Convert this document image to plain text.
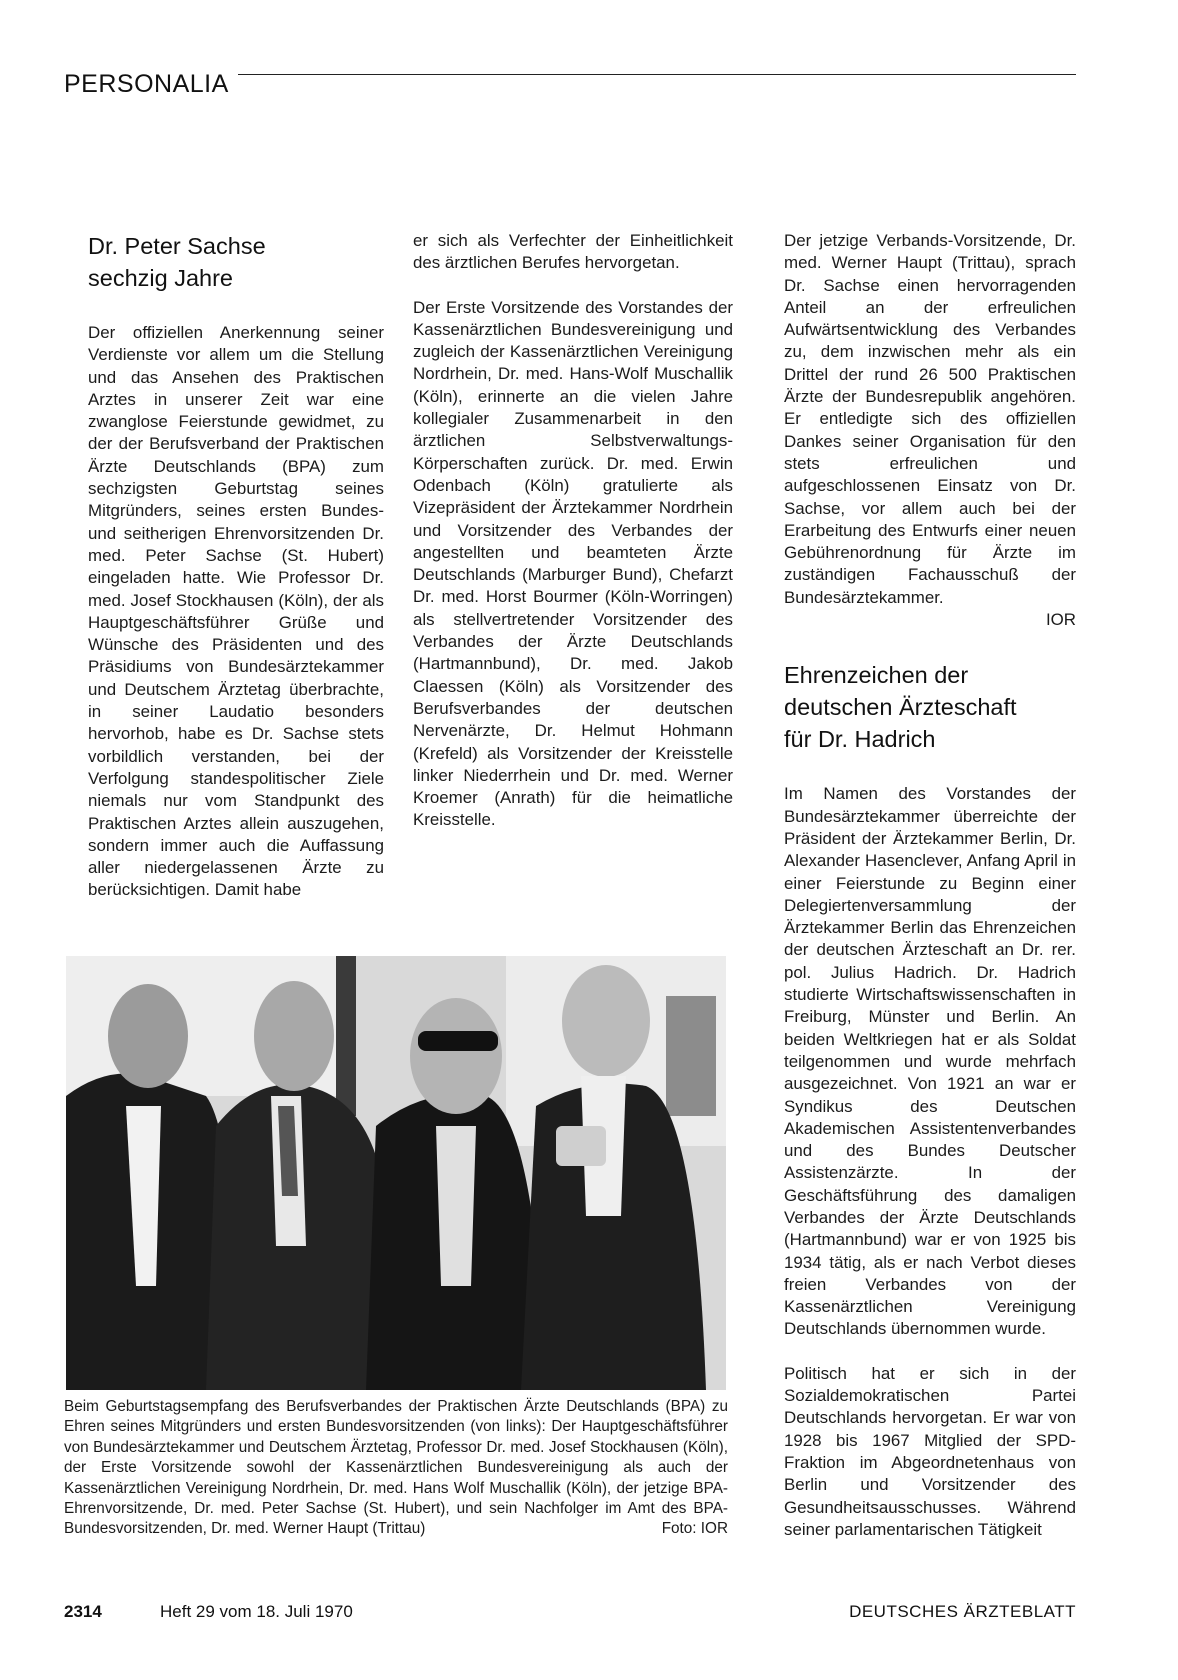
PERSONALIA
Dr. Peter Sachse
sechzig Jahre

Der offiziellen Anerkennung seiner Verdienste vor allem um die Stellung und das Ansehen des Praktischen Arztes in unserer Zeit war eine zwanglose Feierstunde gewidmet, zu der der Berufsverband der Praktischen Ärzte Deutschlands (BPA) zum sechzigsten Geburtstag seines Mitgründers, seines ersten Bundes- und seitherigen Ehrenvorsitzenden Dr. med. Peter Sachse (St. Hubert) eingeladen hatte. Wie Professor Dr. med. Josef Stockhausen (Köln), der als Hauptgeschäftsführer Grüße und Wünsche des Präsidenten und des Präsidiums von Bundesärztekammer und Deutschem Ärztetag überbrachte, in seiner Laudatio besonders hervorhob, habe es Dr. Sachse stets vorbildlich verstanden, bei der Verfolgung standespolitischer Ziele niemals nur vom Standpunkt des Praktischen Arztes allein auszugehen, sondern immer auch die Auffassung aller niedergelassenen Ärzte zu berücksichtigen. Damit habe

er sich als Verfechter der Einheitlichkeit des ärztlichen Berufes hervorgetan.

Der Erste Vorsitzende des Vorstandes der Kassenärztlichen Bundesvereinigung und zugleich der Kassenärztlichen Vereinigung Nordrhein, Dr. med. Hans-Wolf Muschallik (Köln), erinnerte an die vielen Jahre kollegialer Zusammenarbeit in den ärztlichen Selbstverwaltungs-Körperschaften zurück. Dr. med. Erwin Odenbach (Köln) gratulierte als Vizepräsident der Ärztekammer Nordrhein und Vorsitzender des Verbandes der angestellten und beamteten Ärzte Deutschlands (Marburger Bund), Chefarzt Dr. med. Horst Bourmer (Köln-Worringen) als stellvertretender Vorsitzender des Verbandes der Ärzte Deutschlands (Hartmannbund), Dr. med. Jakob Claessen (Köln) als Vorsitzender des Berufsverbandes der deutschen Nervenärzte, Dr. Helmut Hohmann (Krefeld) als Vorsitzender der Kreisstelle linker Niederrhein und Dr. med. Werner Kroemer (Anrath) für die heimatliche Kreisstelle.

Der jetzige Verbands-Vorsitzende, Dr. med. Werner Haupt (Trittau), sprach Dr. Sachse einen hervorragenden Anteil an der erfreulichen Aufwärtsentwicklung des Verbandes zu, dem inzwischen mehr als ein Drittel der rund 26 500 Praktischen Ärzte der Bundesrepublik angehören. Er entledigte sich des offiziellen Dankes seiner Organisation für den stets erfreulichen und aufgeschlossenen Einsatz von Dr. Sachse, vor allem auch bei der Erarbeitung des Entwurfs einer neuen Gebührenordnung für Ärzte im zuständigen Fachausschuß der Bundesärztekammer.
IOR

Ehrenzeichen der
deutschen Ärzteschaft
für Dr. Hadrich

Im Namen des Vorstandes der Bundesärztekammer überreichte der Präsident der Ärztekammer Berlin, Dr. Alexander Hasenclever, Anfang April in einer Feierstunde zu Beginn einer Delegiertenversammlung der Ärztekammer Berlin das Ehrenzeichen der deutschen Ärzteschaft an Dr. rer. pol. Julius Hadrich. Dr. Hadrich studierte Wirtschaftswissenschaften in Freiburg, Münster und Berlin. An beiden Weltkriegen hat er als Soldat teilgenommen und wurde mehrfach ausgezeichnet. Von 1921 an war er Syndikus des Deutschen Akademischen Assistentenverbandes und des Bundes Deutscher Assistenzärzte. In der Geschäftsführung des damaligen Verbandes der Ärzte Deutschlands (Hartmannbund) war er von 1925 bis 1934 tätig, als er nach Verbot dieses freien Verbandes von der Kassenärztlichen Vereinigung Deutschlands übernommen wurde.

Politisch hat er sich in der Sozialdemokratischen Partei Deutschlands hervorgetan. Er war von 1928 bis 1967 Mitglied der SPD-Fraktion im Abgeordnetenhaus von Berlin und Vorsitzender des Gesundheitsausschusses. Während seiner parlamentarischen Tätigkeit

Beim Geburtstagsempfang des Berufsverbandes der Praktischen Ärzte Deutschlands (BPA) zu Ehren seines Mitgründers und ersten Bundesvorsitzenden (von links): Der Hauptgeschäftsführer von Bundesärztekammer und Deutschem Ärztetag, Professor Dr. med. Josef Stockhausen (Köln), der Erste Vorsitzende sowohl der Kassenärztlichen Bundesvereinigung als auch der Kassenärztlichen Vereinigung Nordrhein, Dr. med. Hans Wolf Muschallik (Köln), der jetzige BPA-Ehrenvorsitzende, Dr. med. Peter Sachse (St. Hubert), und sein Nachfolger im Amt des BPA-Bundesvorsitzenden, Dr. med. Werner Haupt (Trittau)	Foto: IOR
2314	Heft 29 vom 18. Juli 1970	DEUTSCHES ÄRZTEBLATT
